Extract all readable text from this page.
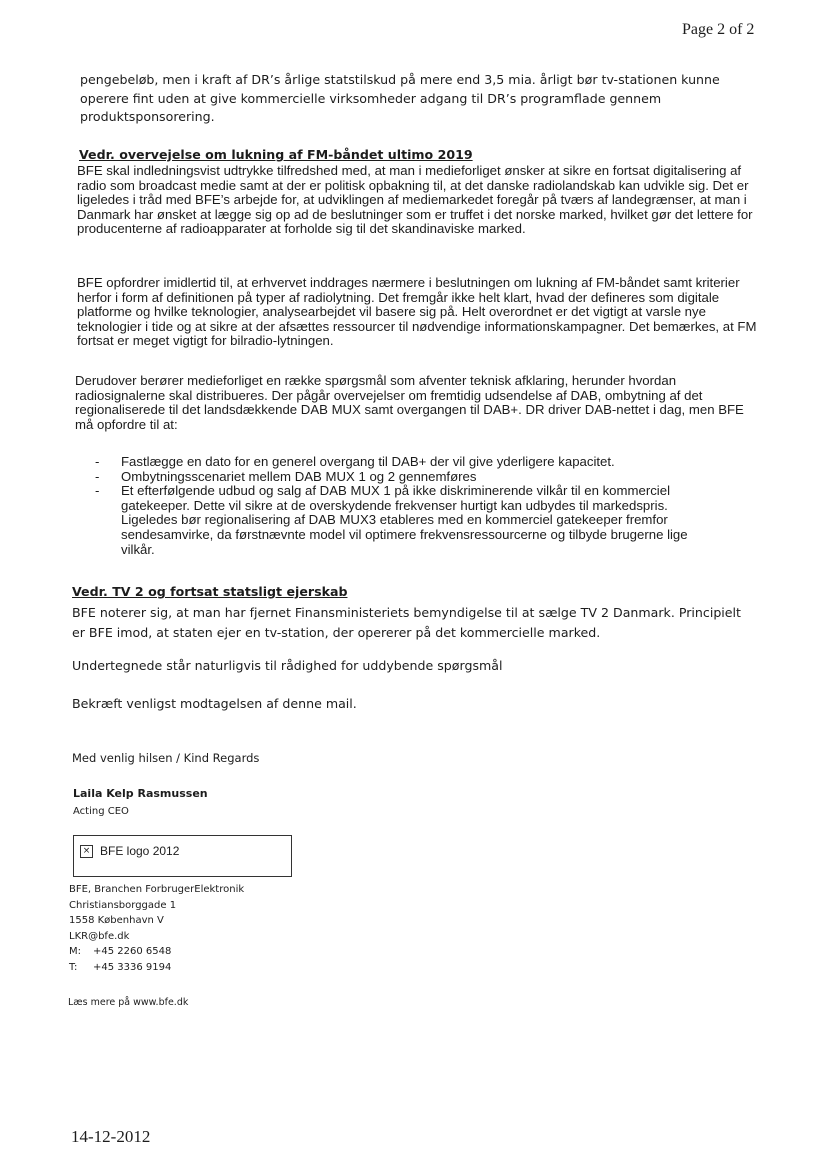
Page 2 of 2

pengebeløb, men i kraft af DR’s årlige statstilskud på mere end 3,5 mia. årligt bør tv-stationen kunne operere fint uden at give kommercielle virksomheder adgang til DR’s programflade gennem produktsponsorering.

Vedr. overvejelse om lukning af FM-båndet ultimo 2019

BFE skal indledningsvist udtrykke tilfredshed med, at man i medieforliget ønsker at sikre en fortsat digitalisering af radio som broadcast medie samt at der er politisk opbakning til, at det danske radiolandskab kan udvikle sig. Det er ligeledes i tråd med BFE’s arbejde for, at udviklingen af mediemarkedet foregår på tværs af landegrænser, at man i Danmark har ønsket at lægge sig op ad de beslutninger som er truffet i det norske marked, hvilket gør det lettere for producenterne af radioapparater at forholde sig til det skandinaviske marked.

BFE opfordrer imidlertid til, at erhvervet inddrages nærmere i beslutningen om lukning af FM-båndet samt kriterier herfor i form af definitionen på typer af radiolytning. Det fremgår ikke helt klart, hvad der defineres som digitale platforme og hvilke teknologier, analysearbejdet vil basere sig på. Helt overordnet er det vigtigt at varsle nye teknologier i tide og at sikre at der afsættes ressourcer til nødvendige informationskampagner. Det bemærkes, at FM fortsat er meget vigtigt for bilradio-lytningen.

Derudover berører medieforliget en række spørgsmål som afventer teknisk afklaring, herunder hvordan radiosignalerne skal distribueres. Der pågår overvejelser om fremtidig udsendelse af DAB, ombytning af det regionaliserede til det landsdækkende DAB MUX samt overgangen til DAB+. DR driver DAB-nettet i dag, men BFE må opfordre til at:

- Fastlægge en dato for en generel overgang til DAB+ der vil give yderligere kapacitet.
- Ombytningsscenariet mellem DAB MUX 1 og 2 gennemføres
- Et efterfølgende udbud og salg af DAB MUX 1 på ikke diskriminerende vilkår til en kommerciel gatekeeper. Dette vil sikre at de overskydende frekvenser hurtigt kan udbydes til markedspris. Ligeledes bør regionalisering af DAB MUX3 etableres med en kommerciel gatekeeper fremfor sendesamvirke, da førstnævnte model vil optimere frekvensressourcerne og tilbyde brugerne lige vilkår.
Vedr. TV 2 og fortsat statsligt ejerskab

BFE noterer sig, at man har fjernet Finansministeriets bemyndigelse til at sælge TV 2 Danmark. Principielt er BFE imod, at staten ejer en tv-station, der opererer på det kommercielle marked.

Undertegnede står naturligvis til rådighed for uddybende spørgsmål

Bekræft venligst modtagelsen af denne mail.

Med venlig hilsen / Kind Regards

Laila Kelp Rasmussen
Acting CEO
× BFE logo 2012
BFE, Branchen ForbrugerElektronik
Christiansborggade 1
1558 København V
LKR@bfe.dk
M: +45 2260 6548
T: +45 3336 9194
Læs mere på www.bfe.dk
14-12-2012
